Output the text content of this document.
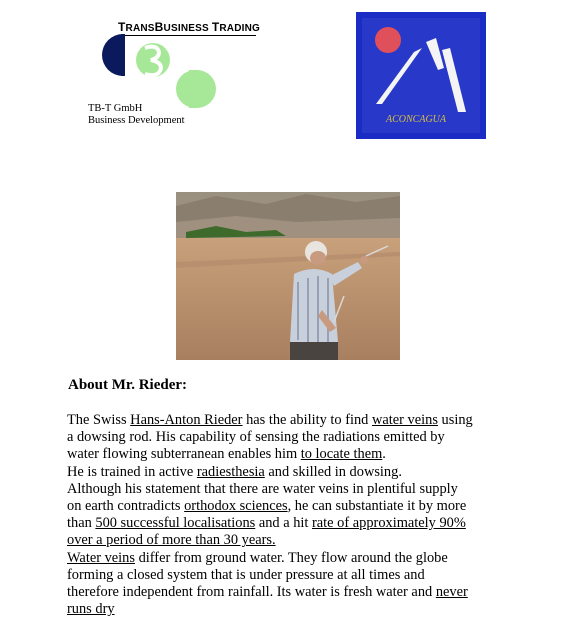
TRANSBUSINESS TRADING
TB-T GmbH
Business Development	ACONCAGUA
About Mr. Rieder:
The Swiss Hans-Anton Rieder has the ability to find water veins using
a dowsing rod. His capability of sensing the radiations emitted by
water flowing subterranean enables him to locate them.
He is trained in active radiesthesia and skilled in dowsing.
Although his statement that there are water veins in plentiful supply
on earth contradicts orthodox sciences, he can substantiate it by more
than 500 successful localisations and a hit rate of approximately 90%
over a period of more than 30 years.
Water veins differ from ground water. They flow around the globe
forming a closed system that is under pressure at all times and
therefore independent from rainfall. Its water is fresh water and never
runs dry
